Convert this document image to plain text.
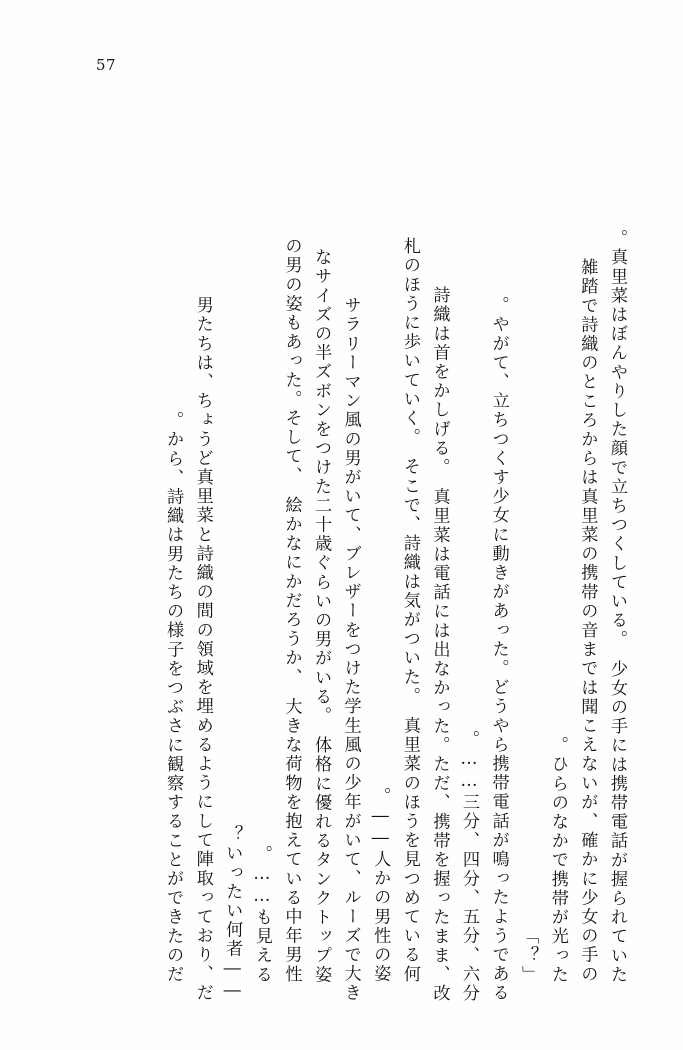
57
真里菜はぼんやりした顔で立ちつくしている。　少女の手には携帯電話が握られていた。
雑踏で詩織のところからは真里菜の携帯の音までは聞こえないが、確かに少女の手の
ひらのなかで携帯が光った。
「？」
やがて、立ちつくす少女に動きがあった。どうやら携帯電話が鳴ったようである。
三分、四分、五分、六分……。
詩織は首をかしげる。　真里菜は電話には出なかった。ただ、携帯を握ったまま、改
札のほうに歩いていく。　そこで、詩織は気がついた。　真里菜のほうを見つめている何
人かの男性の姿――。
サラリーマン風の男がいて、ブレザーをつけた学生風の少年がいて、ルーズで大き
なサイズの半ズボンをつけた二十歳ぐらいの男がいる。　体格に優れるタンクトップ姿
の男の姿もあった。そして、　絵かなにかだろうか、　大きな荷物を抱えている中年男性
も見える……。
――いったい何者？
男たちは、ちょうど真里菜と詩織の間の領域を埋めるようにして陣取っており、だ
から、詩織は男たちの様子をつぶさに観察することができたのだ。
